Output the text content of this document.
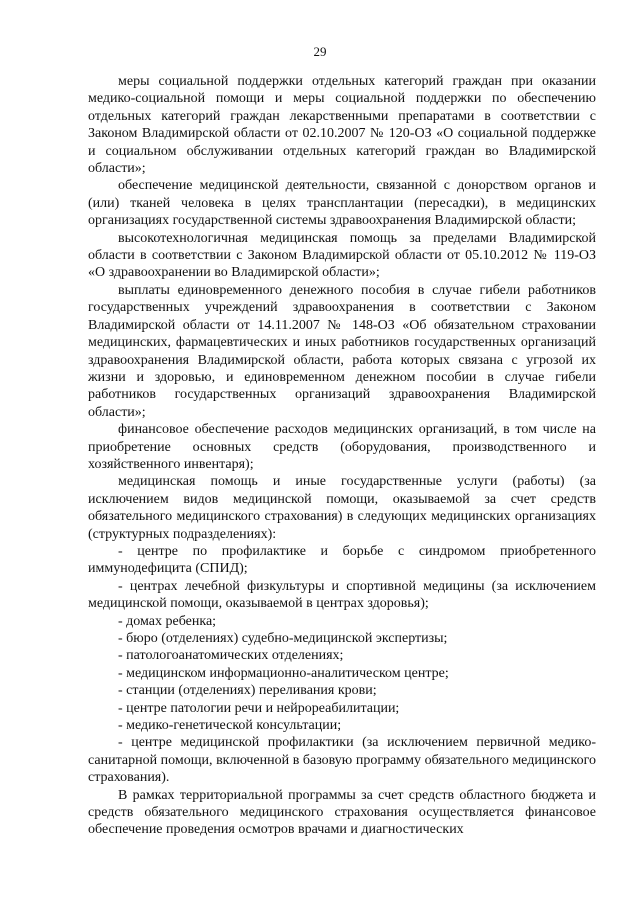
29

меры социальной поддержки отдельных категорий граждан при оказании медико-социальной помощи и меры социальной поддержки по обеспечению отдельных категорий граждан лекарственными препаратами в соответствии с Законом Владимирской области от 02.10.2007 № 120-ОЗ «О социальной поддержке и социальном обслуживании отдельных категорий граждан во Владимирской области»;

обеспечение медицинской деятельности, связанной с донорством органов и (или) тканей человека в целях трансплантации (пересадки), в медицинских организациях государственной системы здравоохранения Владимирской области;

высокотехнологичная медицинская помощь за пределами Владимирской области в соответствии с Законом Владимирской области от 05.10.2012 № 119-ОЗ «О здравоохранении во Владимирской области»;

выплаты единовременного денежного пособия в случае гибели работников государственных учреждений здравоохранения в соответствии с Законом Владимирской области от 14.11.2007 № 148-ОЗ «Об обязательном страховании медицинских, фармацевтических и иных работников государственных организаций здравоохранения Владимирской области, работа которых связана с угрозой их жизни и здоровью, и единовременном денежном пособии в случае гибели работников государственных организаций здравоохранения Владимирской области»;

финансовое обеспечение расходов медицинских организаций, в том числе на приобретение основных средств (оборудования, производственного и хозяйственного инвентаря);

медицинская помощь и иные государственные услуги (работы) (за исключением видов медицинской помощи, оказываемой за счет средств обязательного медицинского страхования) в следующих медицинских организациях (структурных подразделениях):

- центре по профилактике и борьбе с синдромом приобретенного иммунодефицита (СПИД);

- центрах лечебной физкультуры и спортивной медицины (за исключением медицинской помощи, оказываемой в центрах здоровья);

- домах ребенка;

- бюро (отделениях) судебно-медицинской экспертизы;

- патологоанатомических отделениях;

- медицинском информационно-аналитическом центре;

- станции (отделениях) переливания крови;

- центре патологии речи и нейрореабилитации;

- медико-генетической консультации;

- центре медицинской профилактики (за исключением первичной медико-санитарной помощи, включенной в базовую программу обязательного медицинского страхования).

В рамках территориальной программы за счет средств областного бюджета и средств обязательного медицинского страхования осуществляется финансовое обеспечение проведения осмотров врачами и диагностических
